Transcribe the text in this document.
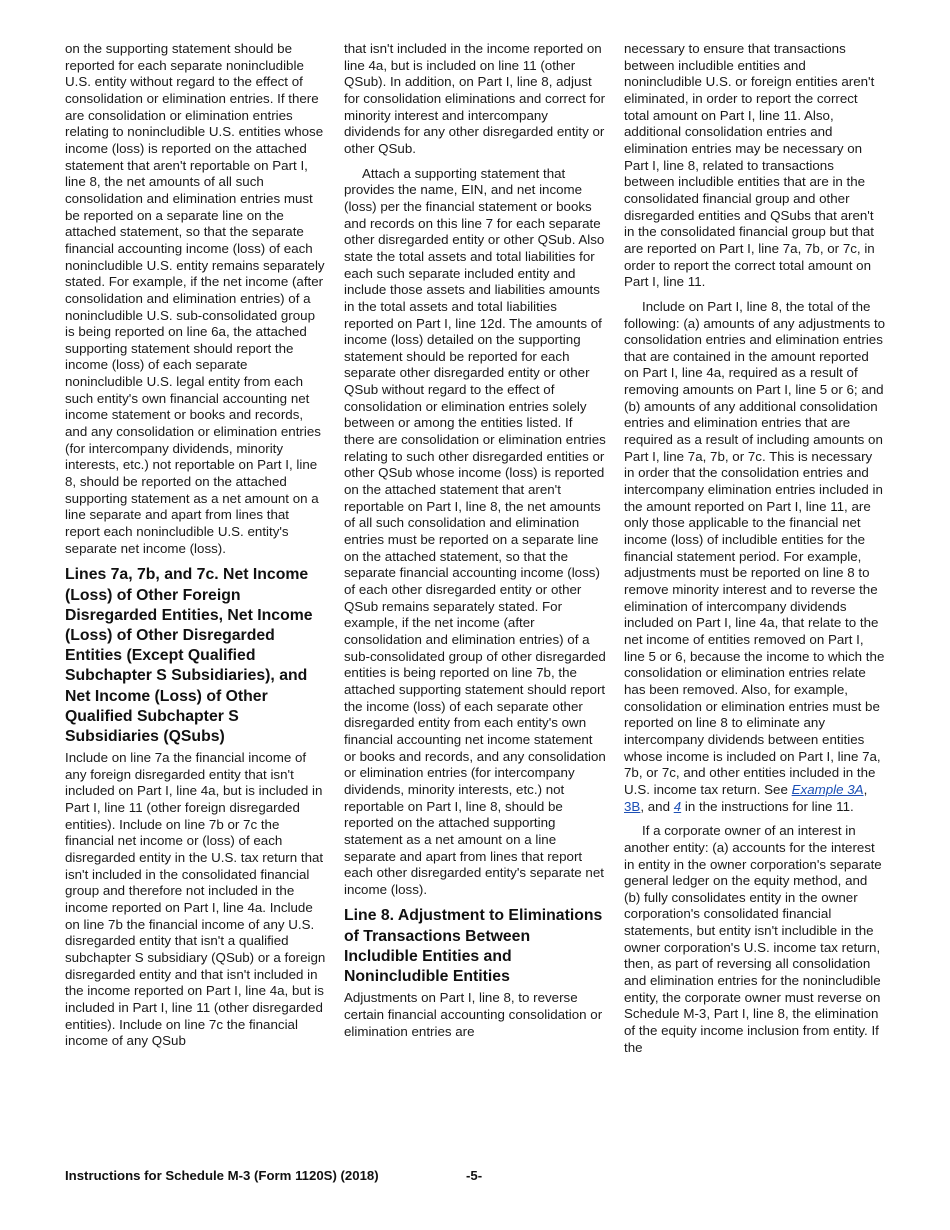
on the supporting statement should be reported for each separate nonincludible U.S. entity without regard to the effect of consolidation or elimination entries. If there are consolidation or elimination entries relating to nonincludible U.S. entities whose income (loss) is reported on the attached statement that aren't reportable on Part I, line 8, the net amounts of all such consolidation and elimination entries must be reported on a separate line on the attached statement, so that the separate financial accounting income (loss) of each nonincludible U.S. entity remains separately stated. For example, if the net income (after consolidation and elimination entries) of a nonincludible U.S. sub-consolidated group is being reported on line 6a, the attached supporting statement should report the income (loss) of each separate nonincludible U.S. legal entity from each such entity's own financial accounting net income statement or books and records, and any consolidation or elimination entries (for intercompany dividends, minority interests, etc.) not reportable on Part I, line 8, should be reported on the attached supporting statement as a net amount on a line separate and apart from lines that report each nonincludible U.S. entity's separate net income (loss).

Lines 7a, 7b, and 7c. Net Income (Loss) of Other Foreign Disregarded Entities, Net Income (Loss) of Other Disregarded Entities (Except Qualified Subchapter S Subsidiaries), and Net Income (Loss) of Other Qualified Subchapter S Subsidiaries (QSubs)

Include on line 7a the financial income of any foreign disregarded entity that isn't included on Part I, line 4a, but is included in Part I, line 11 (other foreign disregarded entities). Include on line 7b or 7c the financial net income or (loss) of each disregarded entity in the U.S. tax return that isn't included in the consolidated financial group and therefore not included in the income reported on Part I, line 4a. Include on line 7b the financial income of any U.S. disregarded entity that isn't a qualified subchapter S subsidiary (QSub) or a foreign disregarded entity and that isn't included in the income reported on Part I, line 4a, but is included in Part I, line 11 (other disregarded entities). Include on line 7c the financial income of any QSub

that isn't included in the income reported on line 4a, but is included on line 11 (other QSub). In addition, on Part I, line 8, adjust for consolidation eliminations and correct for minority interest and intercompany dividends for any other disregarded entity or other QSub.

Attach a supporting statement that provides the name, EIN, and net income (loss) per the financial statement or books and records on this line 7 for each separate other disregarded entity or other QSub. Also state the total assets and total liabilities for each such separate included entity and include those assets and liabilities amounts in the total assets and total liabilities reported on Part I, line 12d. The amounts of income (loss) detailed on the supporting statement should be reported for each separate other disregarded entity or other QSub without regard to the effect of consolidation or elimination entries solely between or among the entities listed. If there are consolidation or elimination entries relating to such other disregarded entities or other QSub whose income (loss) is reported on the attached statement that aren't reportable on Part I, line 8, the net amounts of all such consolidation and elimination entries must be reported on a separate line on the attached statement, so that the separate financial accounting income (loss) of each other disregarded entity or other QSub remains separately stated. For example, if the net income (after consolidation and elimination entries) of a sub-consolidated group of other disregarded entities is being reported on line 7b, the attached supporting statement should report the income (loss) of each separate other disregarded entity from each entity's own financial accounting net income statement or books and records, and any consolidation or elimination entries (for intercompany dividends, minority interests, etc.) not reportable on Part I, line 8, should be reported on the attached supporting statement as a net amount on a line separate and apart from lines that report each other disregarded entity's separate net income (loss).

Line 8. Adjustment to Eliminations of Transactions Between Includible Entities and Nonincludible Entities

Adjustments on Part I, line 8, to reverse certain financial accounting consolidation or elimination entries are

necessary to ensure that transactions between includible entities and nonincludible U.S. or foreign entities aren't eliminated, in order to report the correct total amount on Part I, line 11. Also, additional consolidation entries and elimination entries may be necessary on Part I, line 8, related to transactions between includible entities that are in the consolidated financial group and other disregarded entities and QSubs that aren't in the consolidated financial group but that are reported on Part I, line 7a, 7b, or 7c, in order to report the correct total amount on Part I, line 11.

Include on Part I, line 8, the total of the following: (a) amounts of any adjustments to consolidation entries and elimination entries that are contained in the amount reported on Part I, line 4a, required as a result of removing amounts on Part I, line 5 or 6; and (b) amounts of any additional consolidation entries and elimination entries that are required as a result of including amounts on Part I, line 7a, 7b, or 7c. This is necessary in order that the consolidation entries and intercompany elimination entries included in the amount reported on Part I, line 11, are only those applicable to the financial net income (loss) of includible entities for the financial statement period. For example, adjustments must be reported on line 8 to remove minority interest and to reverse the elimination of intercompany dividends included on Part I, line 4a, that relate to the net income of entities removed on Part I, line 5 or 6, because the income to which the consolidation or elimination entries relate has been removed. Also, for example, consolidation or elimination entries must be reported on line 8 to eliminate any intercompany dividends between entities whose income is included on Part I, line 7a, 7b, or 7c, and other entities included in the U.S. income tax return. See Example 3A, 3B, and 4 in the instructions for line 11.

If a corporate owner of an interest in another entity: (a) accounts for the interest in entity in the owner corporation's separate general ledger on the equity method, and (b) fully consolidates entity in the owner corporation's consolidated financial statements, but entity isn't includible in the owner corporation's U.S. income tax return, then, as part of reversing all consolidation and elimination entries for the nonincludible entity, the corporate owner must reverse on Schedule M-3, Part I, line 8, the elimination of the equity income inclusion from entity. If the

Instructions for Schedule M-3 (Form 1120S) (2018)	-5-
